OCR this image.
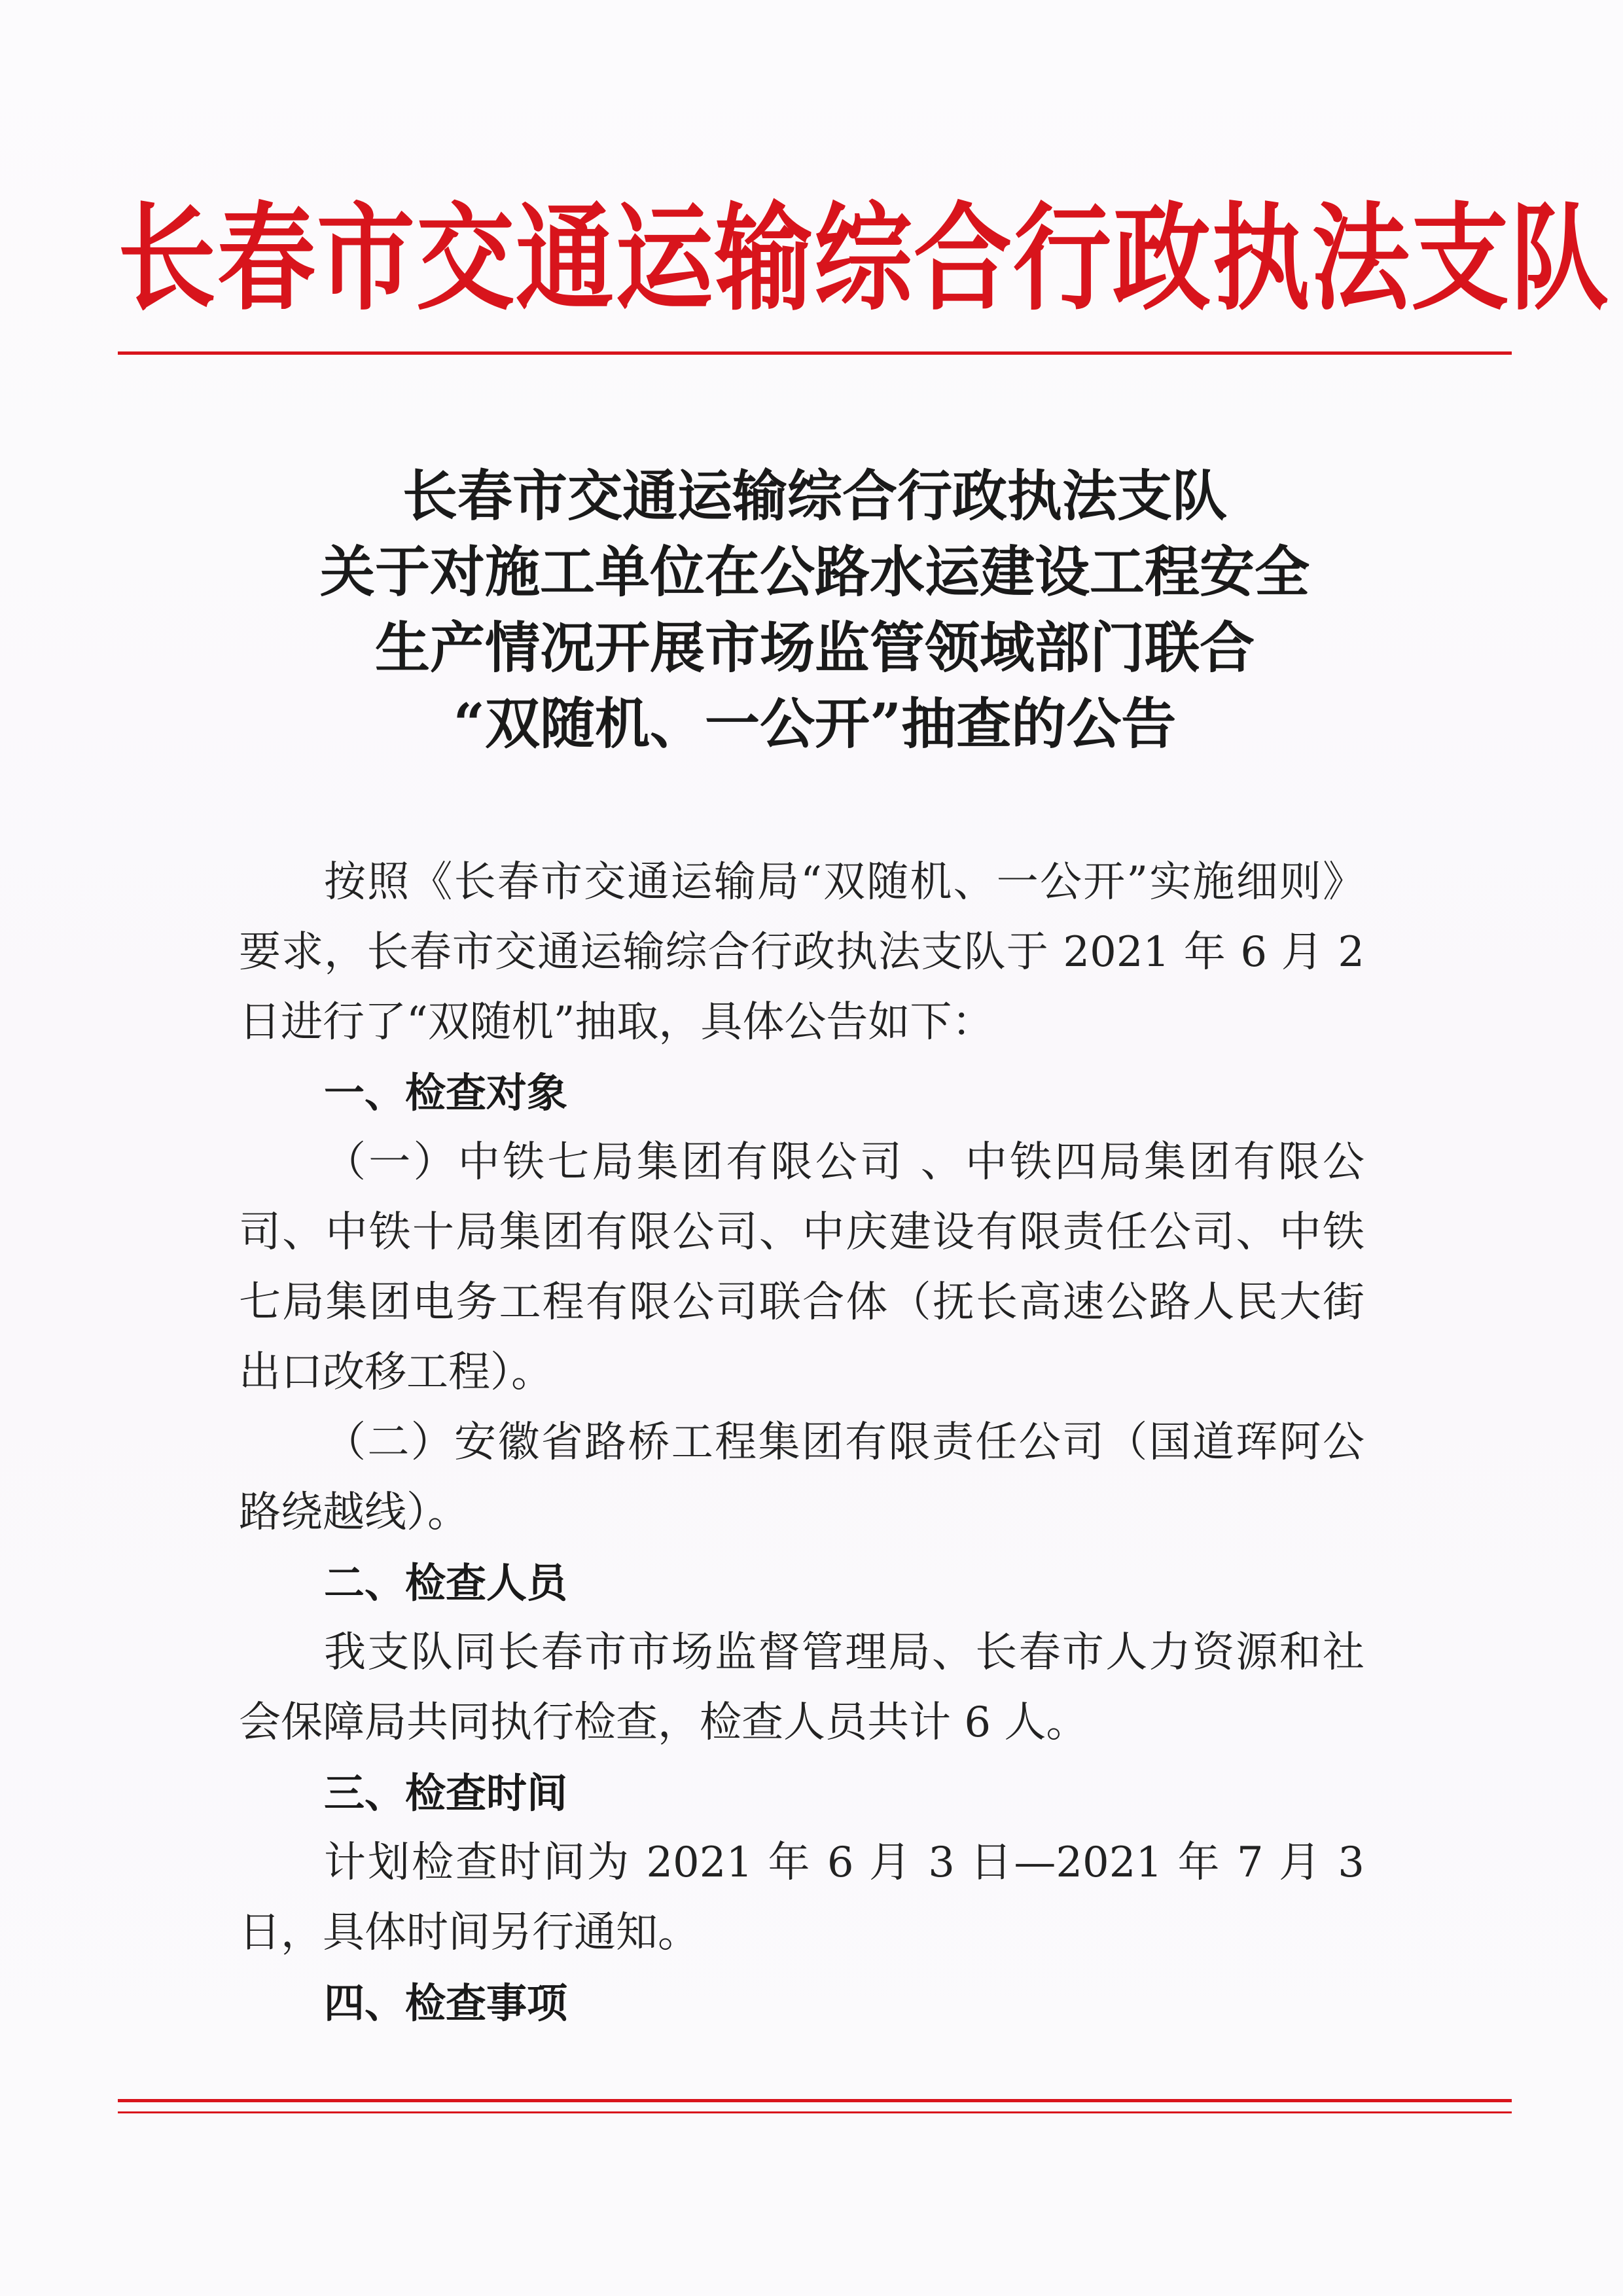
长春市交通运输综合行政执法支队
长春市交通运输综合行政执法支队
关于对施工单位在公路水运建设工程安全
生产情况开展市场监管领域部门联合
“双随机、一公开”抽查的公告

按照《长春市交通运输局“双随机、一公开”实施细则》要求，长春市交通运输综合行政执法支队于 2021 年 6 月 2 日进行了“双随机”抽取，具体公告如下：

一、检查对象

（一）中铁七局集团有限公司 、中铁四局集团有限公司、中铁十局集团有限公司、中庆建设有限责任公司、中铁七局集团电务工程有限公司联合体（抚长高速公路人民大街出口改移工程）。

（二）安徽省路桥工程集团有限责任公司（国道珲阿公路绕越线）。

二、检查人员

我支队同长春市市场监督管理局、长春市人力资源和社会保障局共同执行检查，检查人员共计 6 人。

三、检查时间

计划检查时间为 2021 年 6 月 3 日—2021 年 7 月 3 日，具体时间另行通知。

四、检查事项
